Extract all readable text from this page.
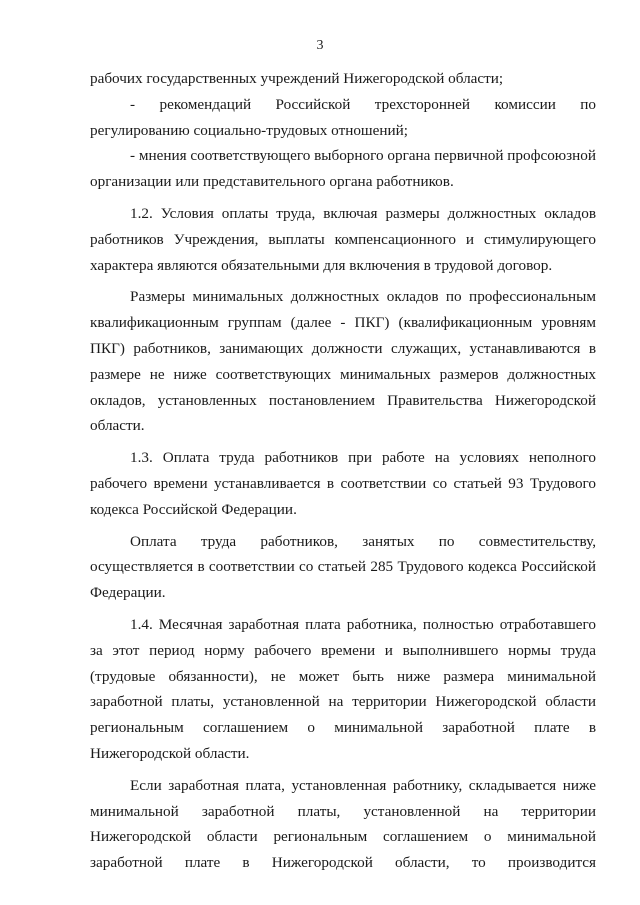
3

рабочих государственных учреждений Нижегородской области;

- рекомендаций Российской трехсторонней комиссии по регулированию социально-трудовых отношений;

- мнения соответствующего выборного органа первичной профсоюзной организации или представительного органа работников.

1.2. Условия оплаты труда, включая размеры должностных окладов работников Учреждения, выплаты компенсационного и стимулирующего характера являются обязательными для включения в трудовой договор.

Размеры минимальных должностных окладов по профессиональным квалификационным группам (далее - ПКГ) (квалификационным уровням ПКГ) работников, занимающих должности служащих, устанавливаются в размере не ниже соответствующих минимальных размеров должностных окладов, установленных постановлением Правительства Нижегородской области.

1.3. Оплата труда работников при работе на условиях неполного рабочего времени устанавливается в соответствии со статьей 93 Трудового кодекса Российской Федерации.

Оплата труда работников, занятых по совместительству, осуществляется в соответствии со статьей 285 Трудового кодекса Российской Федерации.

1.4. Месячная заработная плата работника, полностью отработавшего за этот период норму рабочего времени и выполнившего нормы труда (трудовые обязанности), не может быть ниже размера минимальной заработной платы, установленной на территории Нижегородской области региональным соглашением о минимальной заработной плате в Нижегородской области.

Если заработная плата, установленная работнику, складывается ниже минимальной заработной платы, установленной на территории Нижегородской области региональным соглашением о минимальной заработной плате в Нижегородской области, то производится
